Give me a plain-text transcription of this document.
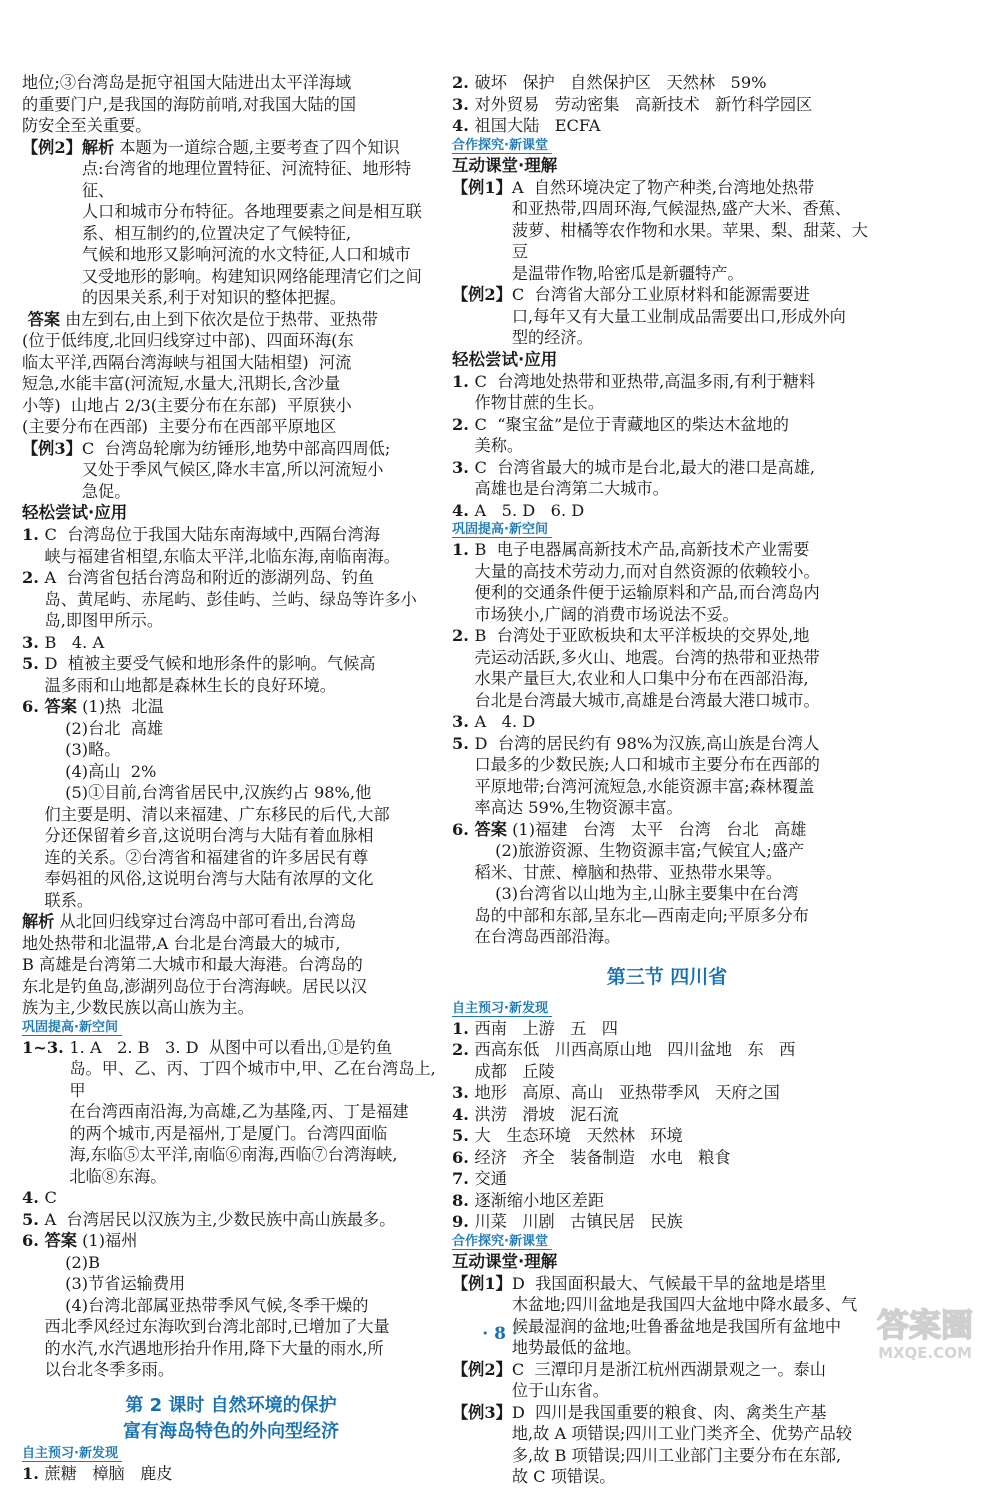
地位;③台湾岛是扼守祖国大陆进出太平洋海域
的重要门户,是我国的海防前哨,对我国大陆的国
防安全至关重要。
【例2】 解析 本题为一道综合题,主要考查了四个知识
点:台湾省的地理位置特征、河流特征、地形特征、
人口和城市分布特征。各地理要素之间是相互联
系、相互制约的,位置决定了气候特征,
气候和地形又影响河流的水文特征,人口和城市
又受地形的影响。构建知识网络能理清它们之间
的因果关系,利于对知识的整体把握。
答案 由左到右,由上到下依次是位于热带、亚热带
(位于低纬度,北回归线穿过中部)、四面环海(东
临太平洋,西隔台湾海峡与祖国大陆相望)  河流
短急,水能丰富(河流短,水量大,汛期长,含沙量
小等)  山地占 2/3(主要分布在东部)  平原狭小
(主要分布在西部)  主要分布在西部平原地区
【例3】 C  台湾岛轮廓为纺锤形,地势中部高四周低;
又处于季风气候区,降水丰富,所以河流短小
急促。
轻松尝试·应用
1. C  台湾岛位于我国大陆东南海域中,西隔台湾海
峡与福建省相望,东临太平洋,北临东海,南临南海。
2. A  台湾省包括台湾岛和附近的澎湖列岛、钓鱼
岛、黄尾屿、赤尾屿、彭佳屿、兰屿、绿岛等许多小
岛,即图甲所示。
3. B   4. A
5. D  植被主要受气候和地形条件的影响。气候高
温多雨和山地都是森林生长的良好环境。
6. 答案 (1)热  北温
(2)台北  高雄
(3)略。
(4)高山  2%
(5)①目前,台湾省居民中,汉族约占 98%,他
们主要是明、清以来福建、广东移民的后代,大部
分还保留着乡音,这说明台湾与大陆有着血脉相
连的关系。②台湾省和福建省的许多居民有尊
奉妈祖的风俗,这说明台湾与大陆有浓厚的文化
联系。
解析 从北回归线穿过台湾岛中部可看出,台湾岛
地处热带和北温带,A 台北是台湾最大的城市,
B 高雄是台湾第二大城市和最大海港。台湾岛的
东北是钓鱼岛,澎湖列岛位于台湾海峡。居民以汉
族为主,少数民族以高山族为主。
巩固提高·新空间
1~3. 1. A   2. B   3. D  从图中可以看出,①是钓鱼
岛。甲、乙、丙、丁四个城市中,甲、乙在台湾岛上,甲
在台湾西南沿海,为高雄,乙为基隆,丙、丁是福建
的两个城市,丙是福州,丁是厦门。台湾四面临
海,东临⑤太平洋,南临⑥南海,西临⑦台湾海峡,
北临⑧东海。
4. C
5. A  台湾居民以汉族为主,少数民族中高山族最多。
6. 答案 (1)福州
(2)B
(3)节省运输费用
(4)台湾北部属亚热带季风气候,冬季干燥的
西北季风经过东海吹到台湾北部时,已增加了大量
的水汽,水汽遇地形抬升作用,降下大量的雨水,所
以台北冬季多雨。
第 2 课时 自然环境的保护
富有海岛特色的外向型经济
自主预习·新发现
1. 蔗糖   樟脑   鹿皮
2. 破坏   保护   自然保护区   天然林   59%
3. 对外贸易   劳动密集   高新技术   新竹科学园区
4. 祖国大陆   ECFA
合作探究·新课堂
互动课堂·理解
【例1】 A  自然环境决定了物产种类,台湾地处热带
和亚热带,四周环海,气候湿热,盛产大米、香蕉、
菠萝、柑橘等农作物和水果。苹果、梨、甜菜、大豆
是温带作物,哈密瓜是新疆特产。
【例2】 C  台湾省大部分工业原材料和能源需要进
口,每年又有大量工业制成品需要出口,形成外向
型的经济。
轻松尝试·应用
1. C  台湾地处热带和亚热带,高温多雨,有利于糖料
作物甘蔗的生长。
2. C  “聚宝盆”是位于青藏地区的柴达木盆地的
美称。
3. C  台湾省最大的城市是台北,最大的港口是高雄,
高雄也是台湾第二大城市。
4. A   5. D   6. D
巩固提高·新空间
1. B  电子电器属高新技术产品,高新技术产业需要
大量的高技术劳动力,而对自然资源的依赖较小。
便利的交通条件便于运输原料和产品,而台湾岛内
市场狭小,广阔的消费市场说法不妥。
2. B  台湾处于亚欧板块和太平洋板块的交界处,地
壳运动活跃,多火山、地震。台湾的热带和亚热带
水果产量巨大,农业和人口集中分布在西部沿海,
台北是台湾最大城市,高雄是台湾最大港口城市。
3. A   4. D
5. D  台湾的居民约有 98%为汉族,高山族是台湾人
口最多的少数民族;人口和城市主要分布在西部的
平原地带;台湾河流短急,水能资源丰富;森林覆盖
率高达 59%,生物资源丰富。
6. 答案 (1)福建   台湾   太平   台湾   台北   高雄
(2)旅游资源、生物资源丰富;气候宜人;盛产
稻米、甘蔗、樟脑和热带、亚热带水果等。
(3)台湾省以山地为主,山脉主要集中在台湾
岛的中部和东部,呈东北—西南走向;平原多分布
在台湾岛西部沿海。
第三节 四川省
自主预习·新发现
1. 西南   上游   五   四
2. 西高东低   川西高原山地   四川盆地   东   西
成都   丘陵
3. 地形   高原、高山   亚热带季风   天府之国
4. 洪涝   滑坡   泥石流
5. 大   生态环境   天然林   环境
6. 经济   齐全   装备制造   水电   粮食
7. 交通
8. 逐渐缩小地区差距
9. 川菜   川剧   古镇民居   民族
合作探究·新课堂
互动课堂·理解
【例1】 D  我国面积最大、气候最干旱的盆地是塔里
木盆地;四川盆地是我国四大盆地中降水最多、气
候最湿润的盆地;吐鲁番盆地是我国所有盆地中
地势最低的盆地。
【例2】 C  三潭印月是浙江杭州西湖景观之一。泰山
位于山东省。
【例3】 D  四川是我国重要的粮食、肉、禽类生产基
地,故 A 项错误;四川工业门类齐全、优势产品较
多,故 B 项错误;四川工业部门主要分布在东部,
故 C 项错误。
· 8 ·	答案圈
MXQE.COM
